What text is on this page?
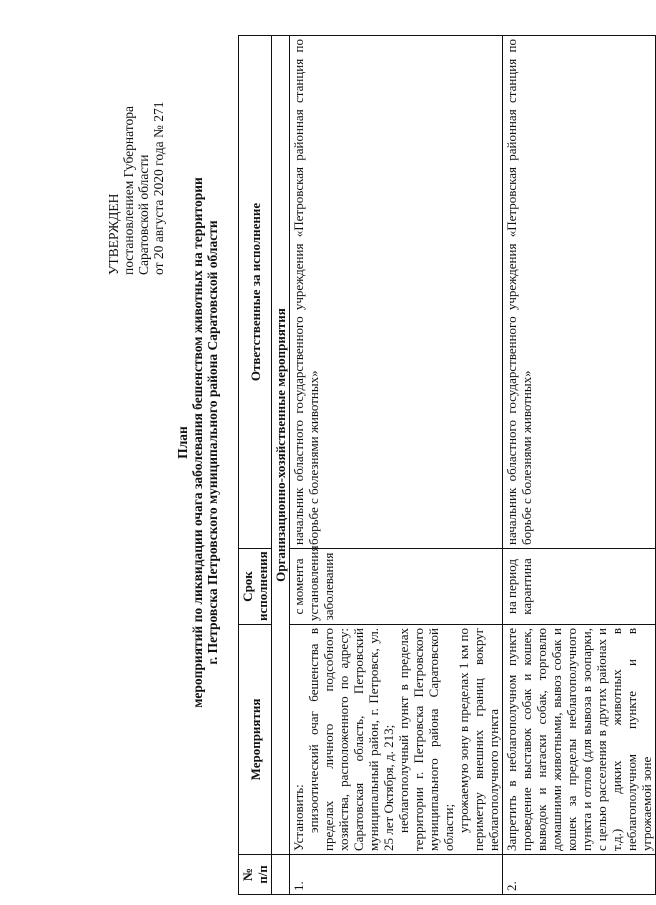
УТВЕРЖДЕН постановлением Губернатора Саратовской области от 20 августа 2020 года № 271
План мероприятий по ликвидации очага заболевания бешенством животных на территории г. Петровска Петровского муниципального района Саратовской области
№
п/п	Мероприятия	Срок исполнения	Ответственные за исполнение
	Организационно-хозяйственные мероприятия		
1.	Установить: эпизоотический очаг бешенства в пределах личного подсобного хозяйства, расположенного по адресу: Саратовская область, Петровский муниципальный район, г. Петровск, ул. 25 лет Октября, д. 213; неблагополучный пункт в пределах территории г. Петровска Петровского муниципального района Саратовской области; угрожаемую зону в пределах 1 км по периметру внешних границ вокруг неблагополучного пункта	с момента установления заболевания	начальник областного государственного учреждения «Петровская районная станция по борьбе с болезнями животных»
2.	Запретить в неблагополучном пункте проведение выставок собак и кошек, выводок и натаски собак, торговлю домашними животными, вывоз собак и кошек за пределы неблагополучного пункта и отлов (для вывоза в зоопарки, с целью расселения в других районах и т.д.) диких животных в неблагополучном пункте и в угрожаемой зоне	на период карантина	начальник областного государственного учреждения «Петровская районная станция по борьбе с болезнями животных»
